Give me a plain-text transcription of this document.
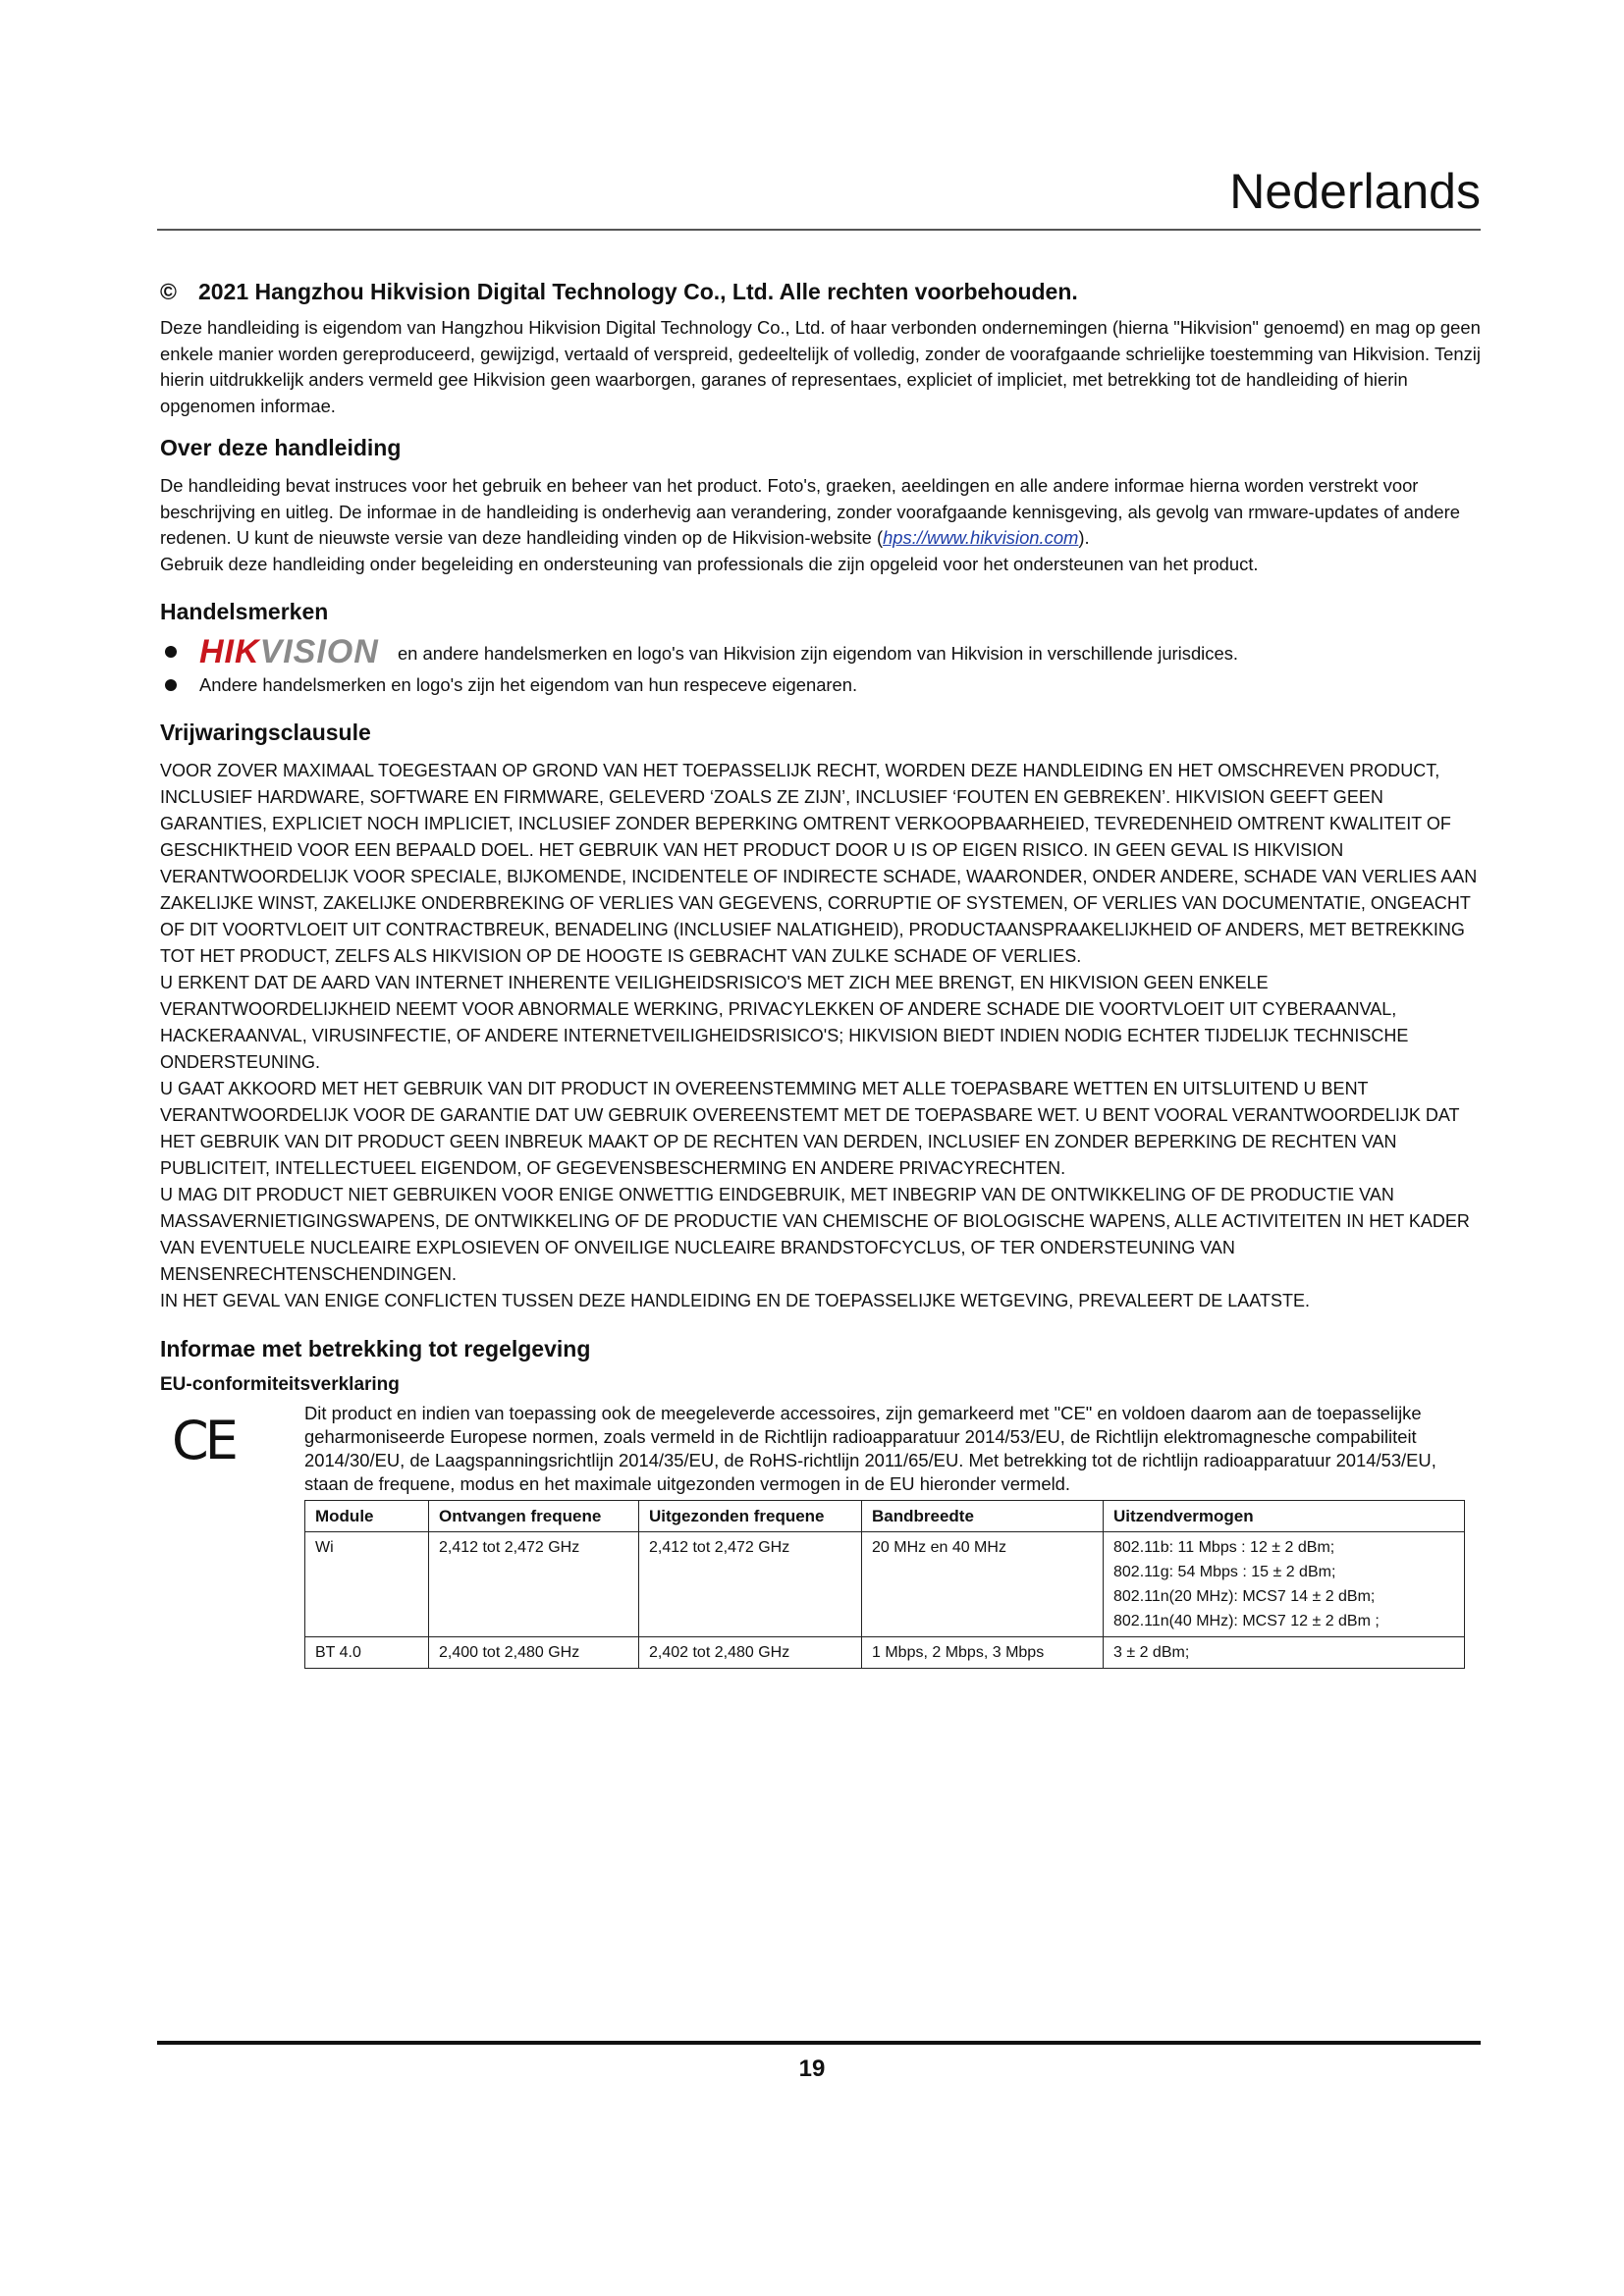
Nederlands
© 2021 Hangzhou Hikvision Digital Technology Co., Ltd. Alle rechten voorbehouden.

Deze handleiding is eigendom van Hangzhou Hikvision Digital Technology Co., Ltd. of haar verbonden ondernemingen (hierna "Hikvision" genoemd) en mag op geen enkele manier worden gereproduceerd, gewijzigd, vertaald of verspreid, gedeeltelijk of volledig, zonder de voorafgaande schrielijke toestemming van Hikvision. Tenzij hierin uitdrukkelijk anders vermeld gee Hikvision geen waarborgen, garanes of representaes, expliciet of impliciet, met betrekking tot de handleiding of hierin opgenomen informae.

Over deze handleiding

De handleiding bevat instruces voor het gebruik en beheer van het product. Foto's, graeken, aeeldingen en alle andere informae hierna worden verstrekt voor beschrijving en uitleg. De informae in de handleiding is onderhevig aan verandering, zonder voorafgaande kennisgeving, als gevolg van rmware-updates of andere redenen. U kunt de nieuwste versie van deze handleiding vinden op de Hikvision-website (hps://www.hikvision.com).

Gebruik deze handleiding onder begeleiding en ondersteuning van professionals die zijn opgeleid voor het ondersteunen van het product.

Handelsmerken
HIKVISION en andere handelsmerken en logo's van Hikvision zijn eigendom van Hikvision in verschillende jurisdices.
Andere handelsmerken en logo's zijn het eigendom van hun respeceve eigenaren.
Vrijwaringsclausule

VOOR ZOVER MAXIMAAL TOEGESTAAN OP GROND VAN HET TOEPASSELIJK RECHT, WORDEN DEZE HANDLEIDING EN HET OMSCHREVEN PRODUCT, INCLUSIEF HARDWARE, SOFTWARE EN FIRMWARE, GELEVERD ‘ZOALS ZE ZIJN’, INCLUSIEF ‘FOUTEN EN GEBREKEN’. HIKVISION GEEFT GEEN GARANTIES, EXPLICIET NOCH IMPLICIET, INCLUSIEF ZONDER BEPERKING OMTRENT VERKOOPBAARHEIED, TEVREDENHEID OMTRENT KWALITEIT OF GESCHIKTHEID VOOR EEN BEPAALD DOEL. HET GEBRUIK VAN HET PRODUCT DOOR U IS OP EIGEN RISICO. IN GEEN GEVAL IS HIKVISION VERANTWOORDELIJK VOOR SPECIALE, BIJKOMENDE, INCIDENTELE OF INDIRECTE SCHADE, WAARONDER, ONDER ANDERE, SCHADE VAN VERLIES AAN ZAKELIJKE WINST, ZAKELIJKE ONDERBREKING OF VERLIES VAN GEGEVENS, CORRUPTIE OF SYSTEMEN, OF VERLIES VAN DOCUMENTATIE, ONGEACHT OF DIT VOORTVLOEIT UIT CONTRACTBREUK, BENADELING (INCLUSIEF NALATIGHEID), PRODUCTAANSPRAAKELIJKHEID OF ANDERS, MET BETREKKING TOT HET PRODUCT, ZELFS ALS HIKVISION OP DE HOOGTE IS GEBRACHT VAN ZULKE SCHADE OF VERLIES.

U ERKENT DAT DE AARD VAN INTERNET INHERENTE VEILIGHEIDSRISICO'S MET ZICH MEE BRENGT, EN HIKVISION GEEN ENKELE VERANTWOORDELIJKHEID NEEMT VOOR ABNORMALE WERKING, PRIVACYLEKKEN OF ANDERE SCHADE DIE VOORTVLOEIT UIT CYBERAANVAL, HACKERAANVAL, VIRUSINFECTIE, OF ANDERE INTERNETVEILIGHEIDSRISICO'S; HIKVISION BIEDT INDIEN NODIG ECHTER TIJDELIJK TECHNISCHE ONDERSTEUNING.

U GAAT AKKOORD MET HET GEBRUIK VAN DIT PRODUCT IN OVEREENSTEMMING MET ALLE TOEPASBARE WETTEN EN UITSLUITEND U BENT VERANTWOORDELIJK VOOR DE GARANTIE DAT UW GEBRUIK OVEREENSTEMT MET DE TOEPASBARE WET. U BENT VOORAL VERANTWOORDELIJK DAT HET GEBRUIK VAN DIT PRODUCT GEEN INBREUK MAAKT OP DE RECHTEN VAN DERDEN, INCLUSIEF EN ZONDER BEPERKING DE RECHTEN VAN PUBLICITEIT, INTELLECTUEEL EIGENDOM, OF GEGEVENSBESCHERMING EN ANDERE PRIVACYRECHTEN.

U MAG DIT PRODUCT NIET GEBRUIKEN VOOR ENIGE ONWETTIG EINDGEBRUIK, MET INBEGRIP VAN DE ONTWIKKELING OF DE PRODUCTIE VAN MASSAVERNIETIGINGSWAPENS, DE ONTWIKKELING OF DE PRODUCTIE VAN CHEMISCHE OF BIOLOGISCHE WAPENS, ALLE ACTIVITEITEN IN HET KADER VAN EVENTUELE NUCLEAIRE EXPLOSIEVEN OF ONVEILIGE NUCLEAIRE BRANDSTOFCYCLUS, OF TER ONDERSTEUNING VAN MENSENRECHTENSCHENDINGEN.

IN HET GEVAL VAN ENIGE CONFLICTEN TUSSEN DEZE HANDLEIDING EN DE TOEPASSELIJKE WETGEVING, PREVALEERT DE LAATSTE.

Informae met betrekking tot regelgeving
EU-conformiteitsverklaring
CE	Dit product en indien van toepassing ook de meegeleverde accessoires, zijn gemarkeerd met "CE" en voldoen daarom aan de toepasselijke geharmoniseerde Europese normen, zoals vermeld in de Richtlijn radioapparatuur 2014/53/EU, de Richtlijn elektromagnesche compabiliteit 2014/30/EU, de Laagspanningsrichtlijn 2014/35/EU, de RoHS-richtlijn 2011/65/EU. Met betrekking tot de richtlijn radioapparatuur 2014/53/EU, staan de frequene, modus en het maximale uitgezonden vermogen in de EU hieronder vermeld.

Module	Ontvangen frequene	Uitgezonden frequene	Bandbreedte	Uitzendvermogen
Wi	2,412 tot 2,472 GHz	2,412 tot 2,472 GHz	20 MHz en 40 MHz	802.11b: 11 Mbps : 12 ± 2 dBm;
802.11g: 54 Mbps : 15 ± 2 dBm;
802.11n(20 MHz): MCS7 14 ± 2 dBm;
802.11n(40 MHz): MCS7 12 ± 2 dBm ;

BT 4.0	2,400 tot 2,480 GHz	2,402 tot 2,480 GHz	1 Mbps, 2 Mbps, 3 Mbps	3 ± 2 dBm;
19
